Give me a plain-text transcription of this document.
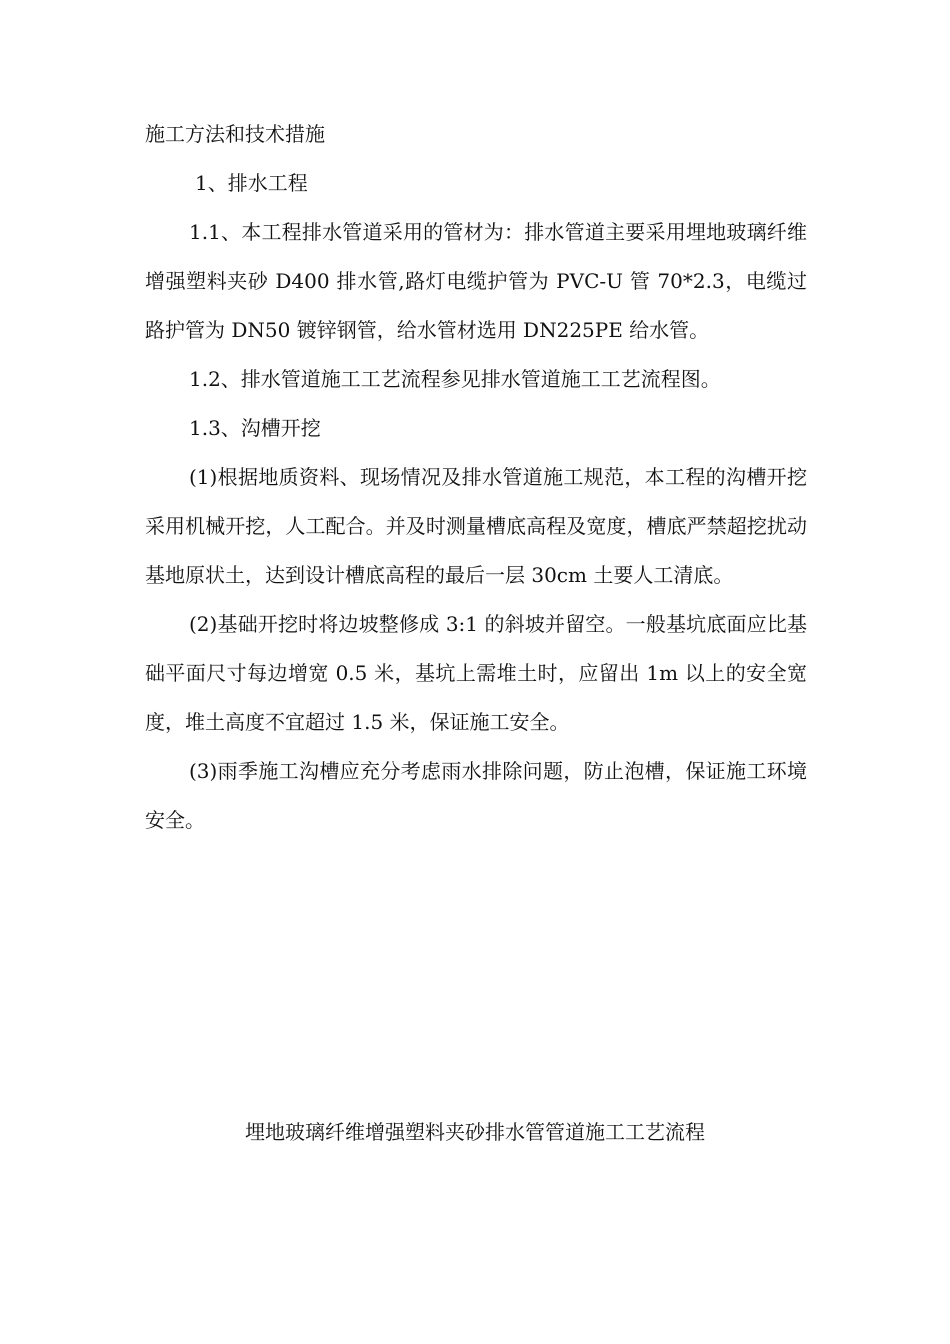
施工方法和技术措施

1、排水工程

1.1、本工程排水管道采用的管材为：排水管道主要采用埋地玻璃纤维增强塑料夹砂 D400 排水管,路灯电缆护管为 PVC-U 管 70*2.3，电缆过路护管为 DN50 镀锌钢管，给水管材选用 DN225PE 给水管。

1.2、排水管道施工工艺流程参见排水管道施工工艺流程图。

1.3、沟槽开挖

(1)根据地质资料、现场情况及排水管道施工规范，本工程的沟槽开挖采用机械开挖，人工配合。并及时测量槽底高程及宽度，槽底严禁超挖扰动基地原状土，达到设计槽底高程的最后一层 30cm 土要人工清底。

(2)基础开挖时将边坡整修成 3:1 的斜坡并留空。一般基坑底面应比基础平面尺寸每边增宽 0.5 米，基坑上需堆土时，应留出 1m 以上的安全宽度，堆土高度不宜超过 1.5 米，保证施工安全。

(3)雨季施工沟槽应充分考虑雨水排除问题，防止泡槽，保证施工环境安全。

埋地玻璃纤维增强塑料夹砂排水管管道施工工艺流程
